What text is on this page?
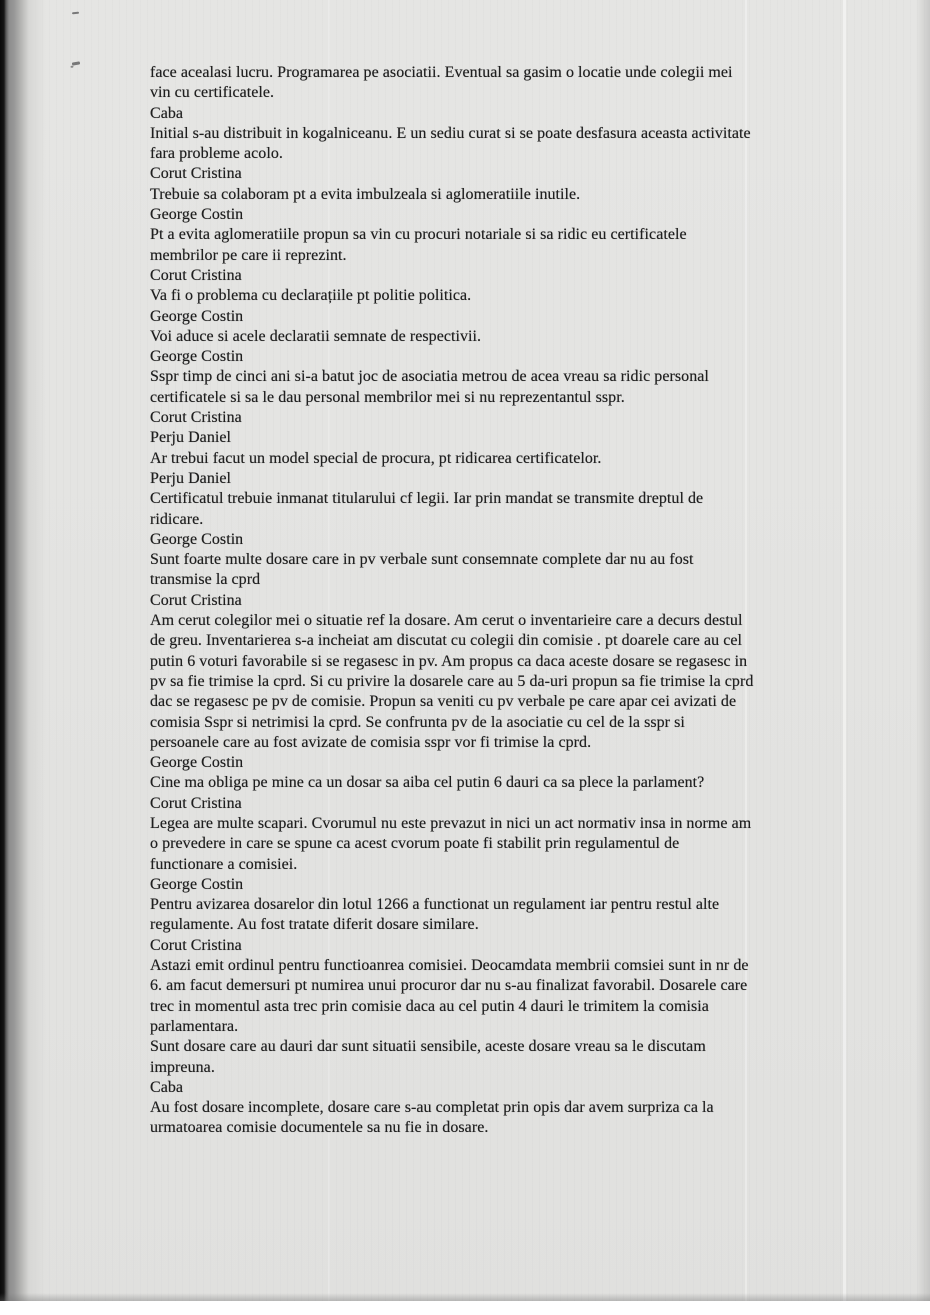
face acealasi lucru. Programarea pe asociatii. Eventual sa gasim o locatie unde colegii mei
vin cu certificatele.
Caba
Initial s-au distribuit in kogalniceanu. E un sediu curat si se poate desfasura aceasta activitate
fara probleme acolo.
Corut Cristina
Trebuie sa colaboram pt a evita imbulzeala si aglomeratiile inutile.
George Costin
Pt a evita aglomeratiile propun sa vin cu procuri notariale si sa ridic eu certificatele
membrilor pe care ii reprezint.
Corut Cristina
Va fi o problema cu declarațiile pt politie politica.
George Costin
Voi aduce si acele declaratii semnate de respectivii.
George Costin
Sspr timp de cinci ani si-a batut joc de asociatia metrou de acea vreau sa ridic personal
certificatele si sa le dau personal membrilor mei si nu reprezentantul sspr.
Corut Cristina
Perju Daniel
Ar trebui facut un model special de procura, pt ridicarea certificatelor.
Perju Daniel
Certificatul trebuie inmanat titularului cf legii. Iar prin mandat se transmite dreptul de
ridicare.
George Costin
Sunt foarte multe dosare care in pv verbale sunt consemnate complete dar nu au fost
transmise la cprd
Corut Cristina
Am cerut colegilor mei o situatie ref la dosare. Am cerut o inventarieire care a decurs destul
de greu. Inventarierea s-a incheiat am discutat cu colegii din comisie . pt doarele care au cel
putin 6 voturi favorabile si se regasesc in pv. Am propus ca daca aceste dosare se regasesc in
pv sa fie trimise la cprd. Si cu privire la dosarele care au 5 da-uri propun sa fie trimise la cprd
dac se regasesc pe pv de comisie. Propun sa veniti cu pv verbale pe care apar cei avizati de
comisia Sspr si netrimisi la cprd. Se confrunta pv de la asociatie cu cel de la sspr si
persoanele care au fost avizate de comisia sspr vor fi trimise la cprd.
George Costin
Cine ma obliga pe mine ca un dosar sa aiba cel putin 6 dauri ca sa plece la parlament?
Corut Cristina
Legea are multe scapari. Cvorumul nu este prevazut in nici un act normativ insa in norme am
o prevedere in care se spune ca acest cvorum poate fi stabilit prin regulamentul de
functionare a comisiei.
George Costin
Pentru avizarea dosarelor din lotul 1266 a functionat un regulament iar pentru restul alte
regulamente. Au fost tratate diferit dosare similare.
Corut Cristina
Astazi emit ordinul pentru functioanrea comisiei. Deocamdata membrii comsiei sunt in nr de
6. am facut demersuri pt numirea unui procuror dar nu s-au finalizat favorabil. Dosarele care
trec in momentul asta trec prin comisie daca au cel putin 4 dauri le trimitem la comisia
parlamentara.
Sunt dosare care au dauri dar sunt situatii sensibile, aceste dosare vreau sa le discutam
impreuna.
Caba
Au fost dosare incomplete, dosare care s-au completat prin opis dar avem surpriza ca la
urmatoarea comisie documentele sa nu fie in dosare.
